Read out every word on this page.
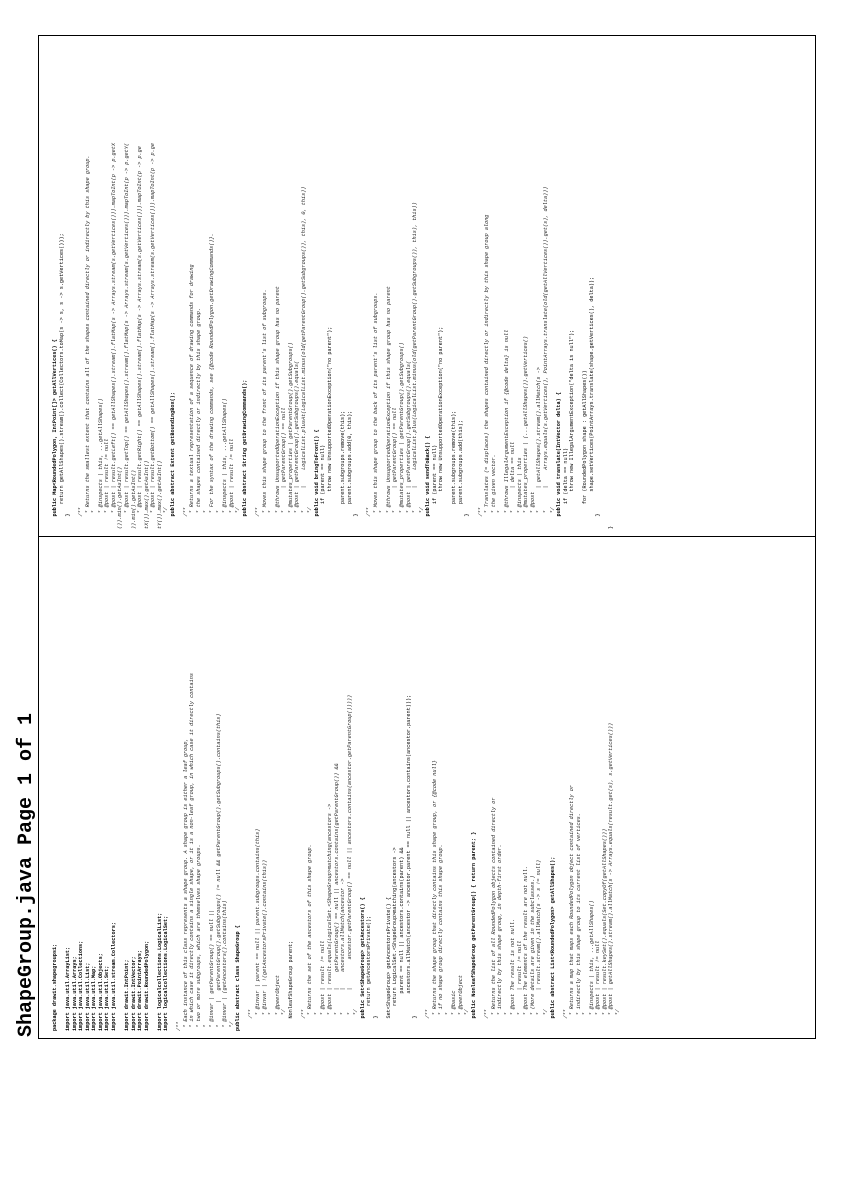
ShapeGroup.java Page 1 of 1	package drawit.shapegroups1; import java.util.ArrayList; import java.util.Arrays; import java.util.Collections; import java.util.List; import java.util.Map; import java.util.Objects; import java.util.Set; import java.util.stream.Collectors; import drawit.IntPoint; import drawit.IntVector; import drawit.PointArrays; import drawit.RoundedPolygon; import logicalcollections.LogicalList; import logicalcollections.LogicalSet; /** * Each instance of this class represents a shape group. A shape group is either a leaf group, * in which case it directly contains a single shape, or it is a non-leaf group, in which case it directly contains * two or more subgroups, which are themselves shape groups. * * @invar | getParentGroup() == null || *       |   getParentGroup().getSubgroups() != null && getParentGroup().getSubgroups().contains(this) * @invar | (getAncestors().contains(this) */ public abstract class ShapeGroup { /** * @invar | parent == null || parent.subgroups.contains(this) * @invar | !(getAncestorsPrivate().contains(this)) * * @peerObject */ NonleafShapeGroup parent; /** * Returns the set of the ancestors of this shape group. * * @post | result != null * @post | result.equals(LogicalSet.<ShapeGroup>matching(ancestors -> *       |     getParentGroup() == null || ancestors.contains(getParentGroup()) && *       |     ancestors.allMatch(ancestor -> *       |         ancestor.getParentGroup() == null || ancestors.contains(ancestor.getParentGroup())))) */ public Set<ShapeGroup> getAncestors() { return getAncestorsPrivate(); } Set<ShapeGroup> getAncestorsPrivate() { return LogicalSet.<ShapeGroup>matching(ancestors -> parent == null || ancestors.contains(parent) && ancestors.allMatch(ancestor -> ancestor.parent == null || ancestors.contains(ancestor.parent))); } /** * Returns the shape group that directly contains this shape group, or {@code null} * if no shape group directly contains this shape group. * * @basic * @peerObject */ public NonleafShapeGroup getParentGroup() { return parent; } /** * Returns the list of all RoundedPolygon objects contained directly or * indirectly by this shape group, in depth-first order. * * @post The result is not null. *       | result != null * @post The elements of the result are not null. * (More details are given in the subclasses.) *       | result.stream().allMatch(s -> s != null) */ public abstract List<RoundedPolygon> getAllShapes(); /** * Returns a map that maps each RoundedPolygon object contained directly or * indirectly by this shape group to its current list of vertices. * * @inspects | this, ...getAllShapes() * @post | result != null * @post | result.keySet().equals(Set.copyOf(getAllShapes())) * @post | getAllShapes().stream().allMatch(s -> Arrays.equals(result.get(s), s.getVertices())) */
public Map<RoundedPolygon, IntPoint[]> getAllVertices() { return getAllShapes().stream().collect(Collectors.toMap(s -> s, s -> s.getVertices())); } /** * Returns the smallest extent that contains all of the shapes contained directly or indirectly by this shape group. * * @inspects | this, ...getAllShapes() * @post | result != null * @post | result.getLeft() == getAllShapes().stream().flatMap(s -> Arrays.stream(s.getVertices())).mapToInt(p -> p.getX ()).min().getAsInt() * @post | result.getTop() == getAllShapes().stream().flatMap(s -> Arrays.stream(s.getVertices())).mapToInt(p -> p.getY( )).min().getAsInt() * @post | result.getRight() == getAllShapes().stream().flatMap(s -> Arrays.stream(s.getVertices())).mapToInt(p -> p.ge tX()).max().getAsInt() * @post | result.getBottom() == getAllShapes().stream().flatMap(s -> Arrays.stream(s.getVertices())).mapToInt(p -> p.ge tY()).max().getAsInt() */ public abstract Extent getBoundingBox(); /** * Returns a textual representation of a sequence of drawing commands for drawing * the shapes contained directly or indirectly by this shape group. * * For the syntax of the drawing commands, see {@code RoundedPolygon.getDrawingCommands()}. * * @inspects | this, ...getAllShapes() * @post | result != null */ public abstract String getDrawingCommands(); /** * Moves this shape group to the front of its parent's list of subgroups. * * @throws UnsupportedOperationException if this shape group has no parent *       | getParentGroup() == null * @mutates_properties | getParentGroup().getSubgroups() * @post | getParentGroup().getSubgroups().equals( *       |     LogicalList.plusAt(LogicalList.minus(old(getParentGroup().getSubgroups()), this), 0, this)) */ public void bringToFront() { if (parent == null) throw new UnsupportedOperationException("no parent"); parent.subgroups.remove(this); parent.subgroups.add(0, this); } /** * Moves this shape group to the back of its parent's list of subgroups. * * @throws UnsupportedOperationException if this shape group has no parent *       | getParentGroup() == null * @mutates_properties | getParentGroup().getSubgroups() * @post | getParentGroup().getSubgroups().equals( *       |     LogicalList.plus(LogicalList.minus(old(getParentGroup().getSubgroups()), this), this)) */ public void sendToBack() { if (parent == null) throw new UnsupportedOperationException("no parent"); parent.subgroups.remove(this); parent.subgroups.add(this); } /** * Translates (= displaces) the shapes contained directly or indirectly by this shape group along * the given vector. * * @throws IllegalArgumentException if {@code delta} is null *       | delta == null * @inspects | this * @mutates_properties | (...getAllShapes()).getVertices() * @post *       | getAllShapes().stream().allMatch(s -> *       |     Arrays.equals(s.getVertices(), PointArrays.translate(old(getAllVertices()).get(s), delta))) */ public void translate(IntVector delta) { if (delta == null) throw new IllegalArgumentException("delta is null"); for (RoundedPolygon shape : getAllShapes()) shape.setVertices(PointArrays.translate(shape.getVertices(), delta)); } }
